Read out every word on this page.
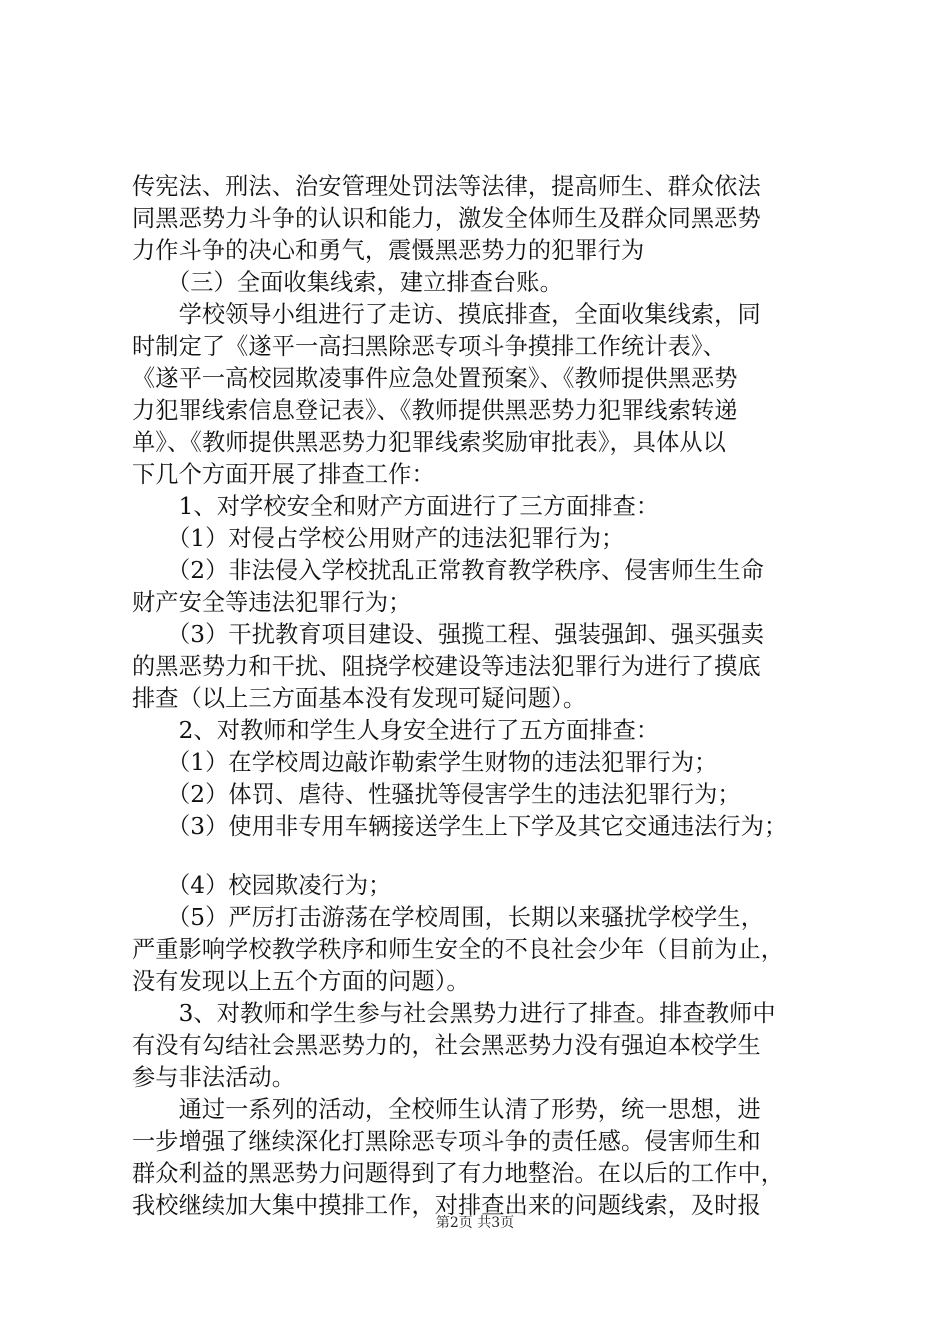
传宪法、刑法、治安管理处罚法等法律，提高师生、群众依法
同黑恶势力斗争的认识和能力，激发全体师生及群众同黑恶势
力作斗争的决心和勇气，震慑黑恶势力的犯罪行为
　　（三）全面收集线索，建立排查台账。
　　学校领导小组进行了走访、摸底排查，全面收集线索，同
时制定了《遂平一高扫黑除恶专项斗争摸排工作统计表》、
《遂平一高校园欺凌事件应急处置预案》、《教师提供黑恶势
力犯罪线索信息登记表》、《教师提供黑恶势力犯罪线索转递
单》、《教师提供黑恶势力犯罪线索奖励审批表》，具体从以
下几个方面开展了排查工作：
　　1、对学校安全和财产方面进行了三方面排查：
　　（1）对侵占学校公用财产的违法犯罪行为；
　　（2）非法侵入学校扰乱正常教育教学秩序、侵害师生生命
财产安全等违法犯罪行为；
　　（3）干扰教育项目建设、强揽工程、强装强卸、强买强卖
的黑恶势力和干扰、阻挠学校建设等违法犯罪行为进行了摸底
排查（以上三方面基本没有发现可疑问题）。
　　2、对教师和学生人身安全进行了五方面排查：
　　（1）在学校周边敲诈勒索学生财物的违法犯罪行为；
　　（2）体罚、虐待、性骚扰等侵害学生的违法犯罪行为；
　　（3）使用非专用车辆接送学生上下学及其它交通违法行为；
　　（4）校园欺凌行为；
　　（5）严厉打击游荡在学校周围，长期以来骚扰学校学生，
严重影响学校教学秩序和师生安全的不良社会少年（目前为止，
没有发现以上五个方面的问题）。
　　3、对教师和学生参与社会黑势力进行了排查。排查教师中
有没有勾结社会黑恶势力的，社会黑恶势力没有强迫本校学生
参与非法活动。
　　通过一系列的活动，全校师生认清了形势，统一思想，进
一步增强了继续深化打黑除恶专项斗争的责任感。侵害师生和
群众利益的黑恶势力问题得到了有力地整治。在以后的工作中，
我校继续加大集中摸排工作，对排查出来的问题线索，及时报
第2页 共3页
